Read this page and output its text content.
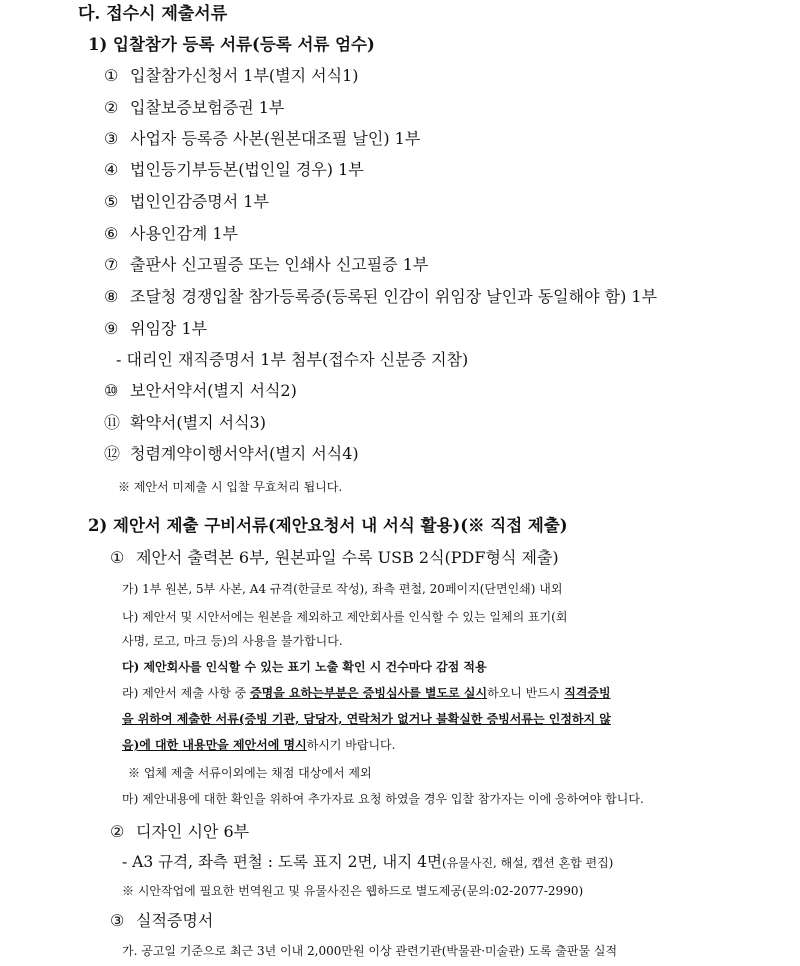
다. 접수시 제출서류
1) 입찰참가 등록 서류(등록 서류 엄수)
① 입찰참가신청서 1부(별지 서식1)
② 입찰보증보험증권 1부
③ 사업자 등록증 사본(원본대조필 날인) 1부
④ 법인등기부등본(법인일 경우) 1부
⑤ 법인인감증명서 1부
⑥ 사용인감계 1부
⑦ 출판사 신고필증 또는 인쇄사 신고필증 1부
⑧ 조달청 경쟁입찰 참가등록증(등록된 인감이 위임장 날인과 동일해야 함) 1부
⑨ 위임장 1부
- 대리인 재직증명서 1부 첨부(접수자 신분증 지참)
⑩ 보안서약서(별지 서식2)
⑪ 확약서(별지 서식3)
⑫ 청렴계약이행서약서(별지 서식4)
※ 제안서 미제출 시 입찰 무효처리 됩니다.
2) 제안서 제출 구비서류(제안요청서 내 서식 활용)(※ 직접 제출)
① 제안서 출력본 6부, 원본파일 수록 USB 2식(PDF형식 제출)
가) 1부 원본, 5부 사본, A4 규격(한글로 작성), 좌측 편철, 20페이지(단면인쇄) 내외
나) 제안서 및 시안서에는 원본을 제외하고 제안회사를 인식할 수 있는 일체의 표기(회
사명, 로고, 마크 등)의 사용을 불가합니다.
다) 제안회사를 인식할 수 있는 표기 노출 확인 시 건수마다 감점 적용
라) 제안서 제출 사항 중 증명을 요하는부분은 증빙심사를 별도로 실시하오니 반드시 직격증빙
을 위하여 제출한 서류(증빙 기관, 담당자, 연락처가 없거나 불확실한 증빙서류는 인정하지 않
음)에 대한 내용만을 제안서에 명시하시기 바랍니다.
※ 업체 제출 서류이외에는 채점 대상에서 제외
마) 제안내용에 대한 확인을 위하여 추가자료 요청 하였을 경우 입찰 참가자는 이에 응하여야 합니다.
② 디자인 시안 6부
- A3 규격, 좌측 편철 : 도록 표지 2면, 내지 4면(유물사진, 해설, 캡션 혼합 편집)
※ 시안작업에 필요한 번역원고 및 유물사진은 웹하드로 별도제공(문의:02-2077-2990)
③ 실적증명서
가. 공고일 기준으로 최근 3년 이내 2,000만원 이상 관련기관(박물관·미술관) 도록 출판물 실적
